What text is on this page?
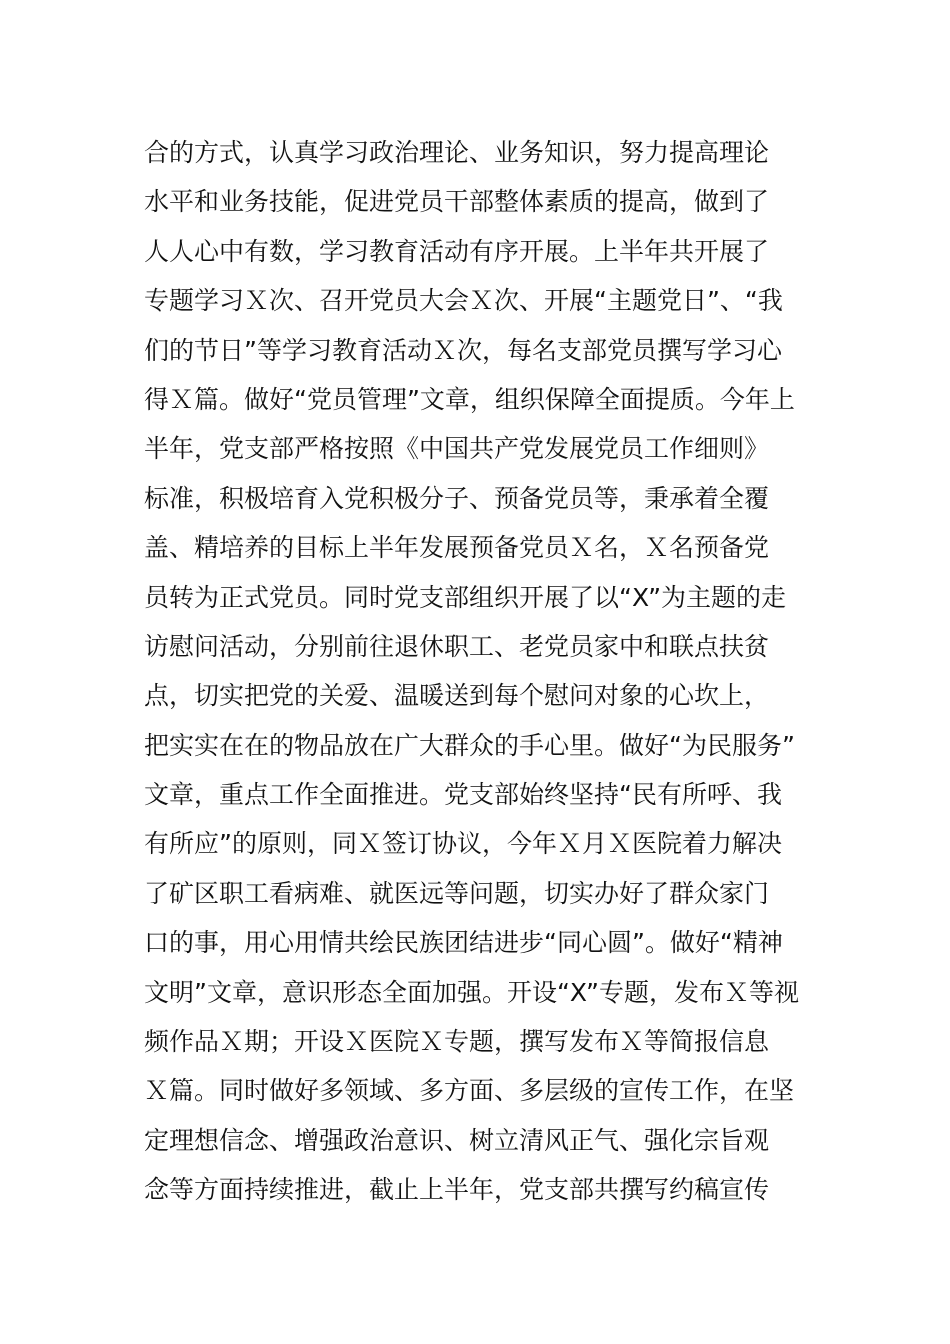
合的方式，认真学习政治理论、业务知识，努力提高理论
水平和业务技能，促进党员干部整体素质的提高，做到了
人人心中有数，学习教育活动有序开展。上半年共开展了
专题学习Ｘ次、召开党员大会Ｘ次、开展“主题党日”、“我
们的节日”等学习教育活动Ｘ次，每名支部党员撰写学习心
得Ｘ篇。做好“党员管理”文章，组织保障全面提质。今年上
半年，党支部严格按照《中国共产党发展党员工作细则》
标准，积极培育入党积极分子、预备党员等，秉承着全覆
盖、精培养的目标上半年发展预备党员Ｘ名，Ｘ名预备党
员转为正式党员。同时党支部组织开展了以“X”为主题的走
访慰问活动，分别前往退休职工、老党员家中和联点扶贫
点，切实把党的关爱、温暖送到每个慰问对象的心坎上，
把实实在在的物品放在广大群众的手心里。做好“为民服务”
文章，重点工作全面推进。党支部始终坚持“民有所呼、我
有所应”的原则，同Ｘ签订协议，今年Ｘ月Ｘ医院着力解决
了矿区职工看病难、就医远等问题，切实办好了群众家门
口的事，用心用情共绘民族团结进步“同心圆”。做好“精神
文明”文章，意识形态全面加强。开设“X”专题，发布Ｘ等视
频作品Ｘ期；开设Ｘ医院Ｘ专题，撰写发布Ｘ等简报信息
Ｘ篇。同时做好多领域、多方面、多层级的宣传工作，在坚
定理想信念、增强政治意识、树立清风正气、强化宗旨观
念等方面持续推进，截止上半年，党支部共撰写约稿宣传
